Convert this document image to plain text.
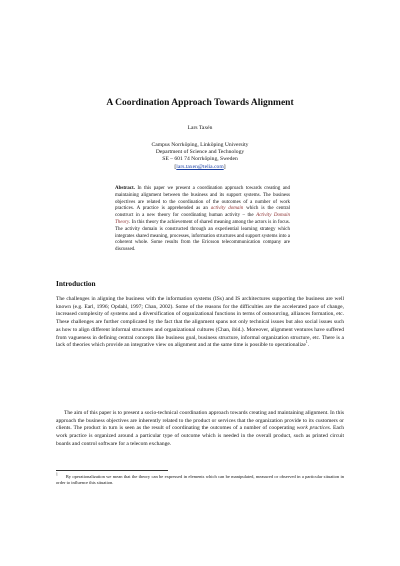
A Coordination Approach Towards Alignment
Lars Taxén
Campus Norrköping, Linköping University
Department of Science and Technology
SE – 601 74 Norrköping, Sweden
[lars.taxen@telia.com]
Abstract. In this paper we present a coordination approach towards creating and maintaining alignment between the business and its support systems. The business objectives are related to the coordination of the outcomes of a number of work practices. A practice is apprehended as an activity domain which is the central construct in a new theory for coordinating human activity – the Activity Domain Theory. In this theory the achievement of shared meaning among the actors is in focus. The activity domain is constructed through an experiential learning strategy which integrates shared meaning, processes, information structures and support systems into a coherent whole. Some results from the Ericsson telecommunication company are discussed.
Introduction
The challenges in aligning the business with the information systems (ISs) and IS architectures supporting the business are well known (e.g. Earl, 1996; Opdahl, 1997; Chan, 2002). Some of the reasons for the difficulties are the accelerated pace of change, increased complexity of systems and a diversification of organizational functions in terms of outsourcing, alliances formation, etc. These challenges are further complicated by the fact that the alignment spans not only technical issues but also social issues such as how to align different informal structures and organizational cultures (Chan, ibid.). Moreover, alignment ventures have suffered from vagueness in defining central concepts like business goal, business structure, informal organization structure, etc. There is a lack of theories which provide an integrative view on alignment and at the same time is possible to operationalize$^1$.
The aim of this paper is to present a socio-technical coordination approach towards creating and maintaining alignment. In this approach the business objectives are inherently related to the product or services that the organization provide to its customers or clients. The product in turn is seen as the result of coordinating the outcomes of a number of cooperating work practices. Each work practice is organized around a particular type of outcome which is needed in the overall product, such as printed circuit boards and control software for a telecom exchange.
$^1$ By operationalization we mean that the theory can be expressed in elements which can be manipulated, measured or observed in a particular situation in order to influence this situation.
